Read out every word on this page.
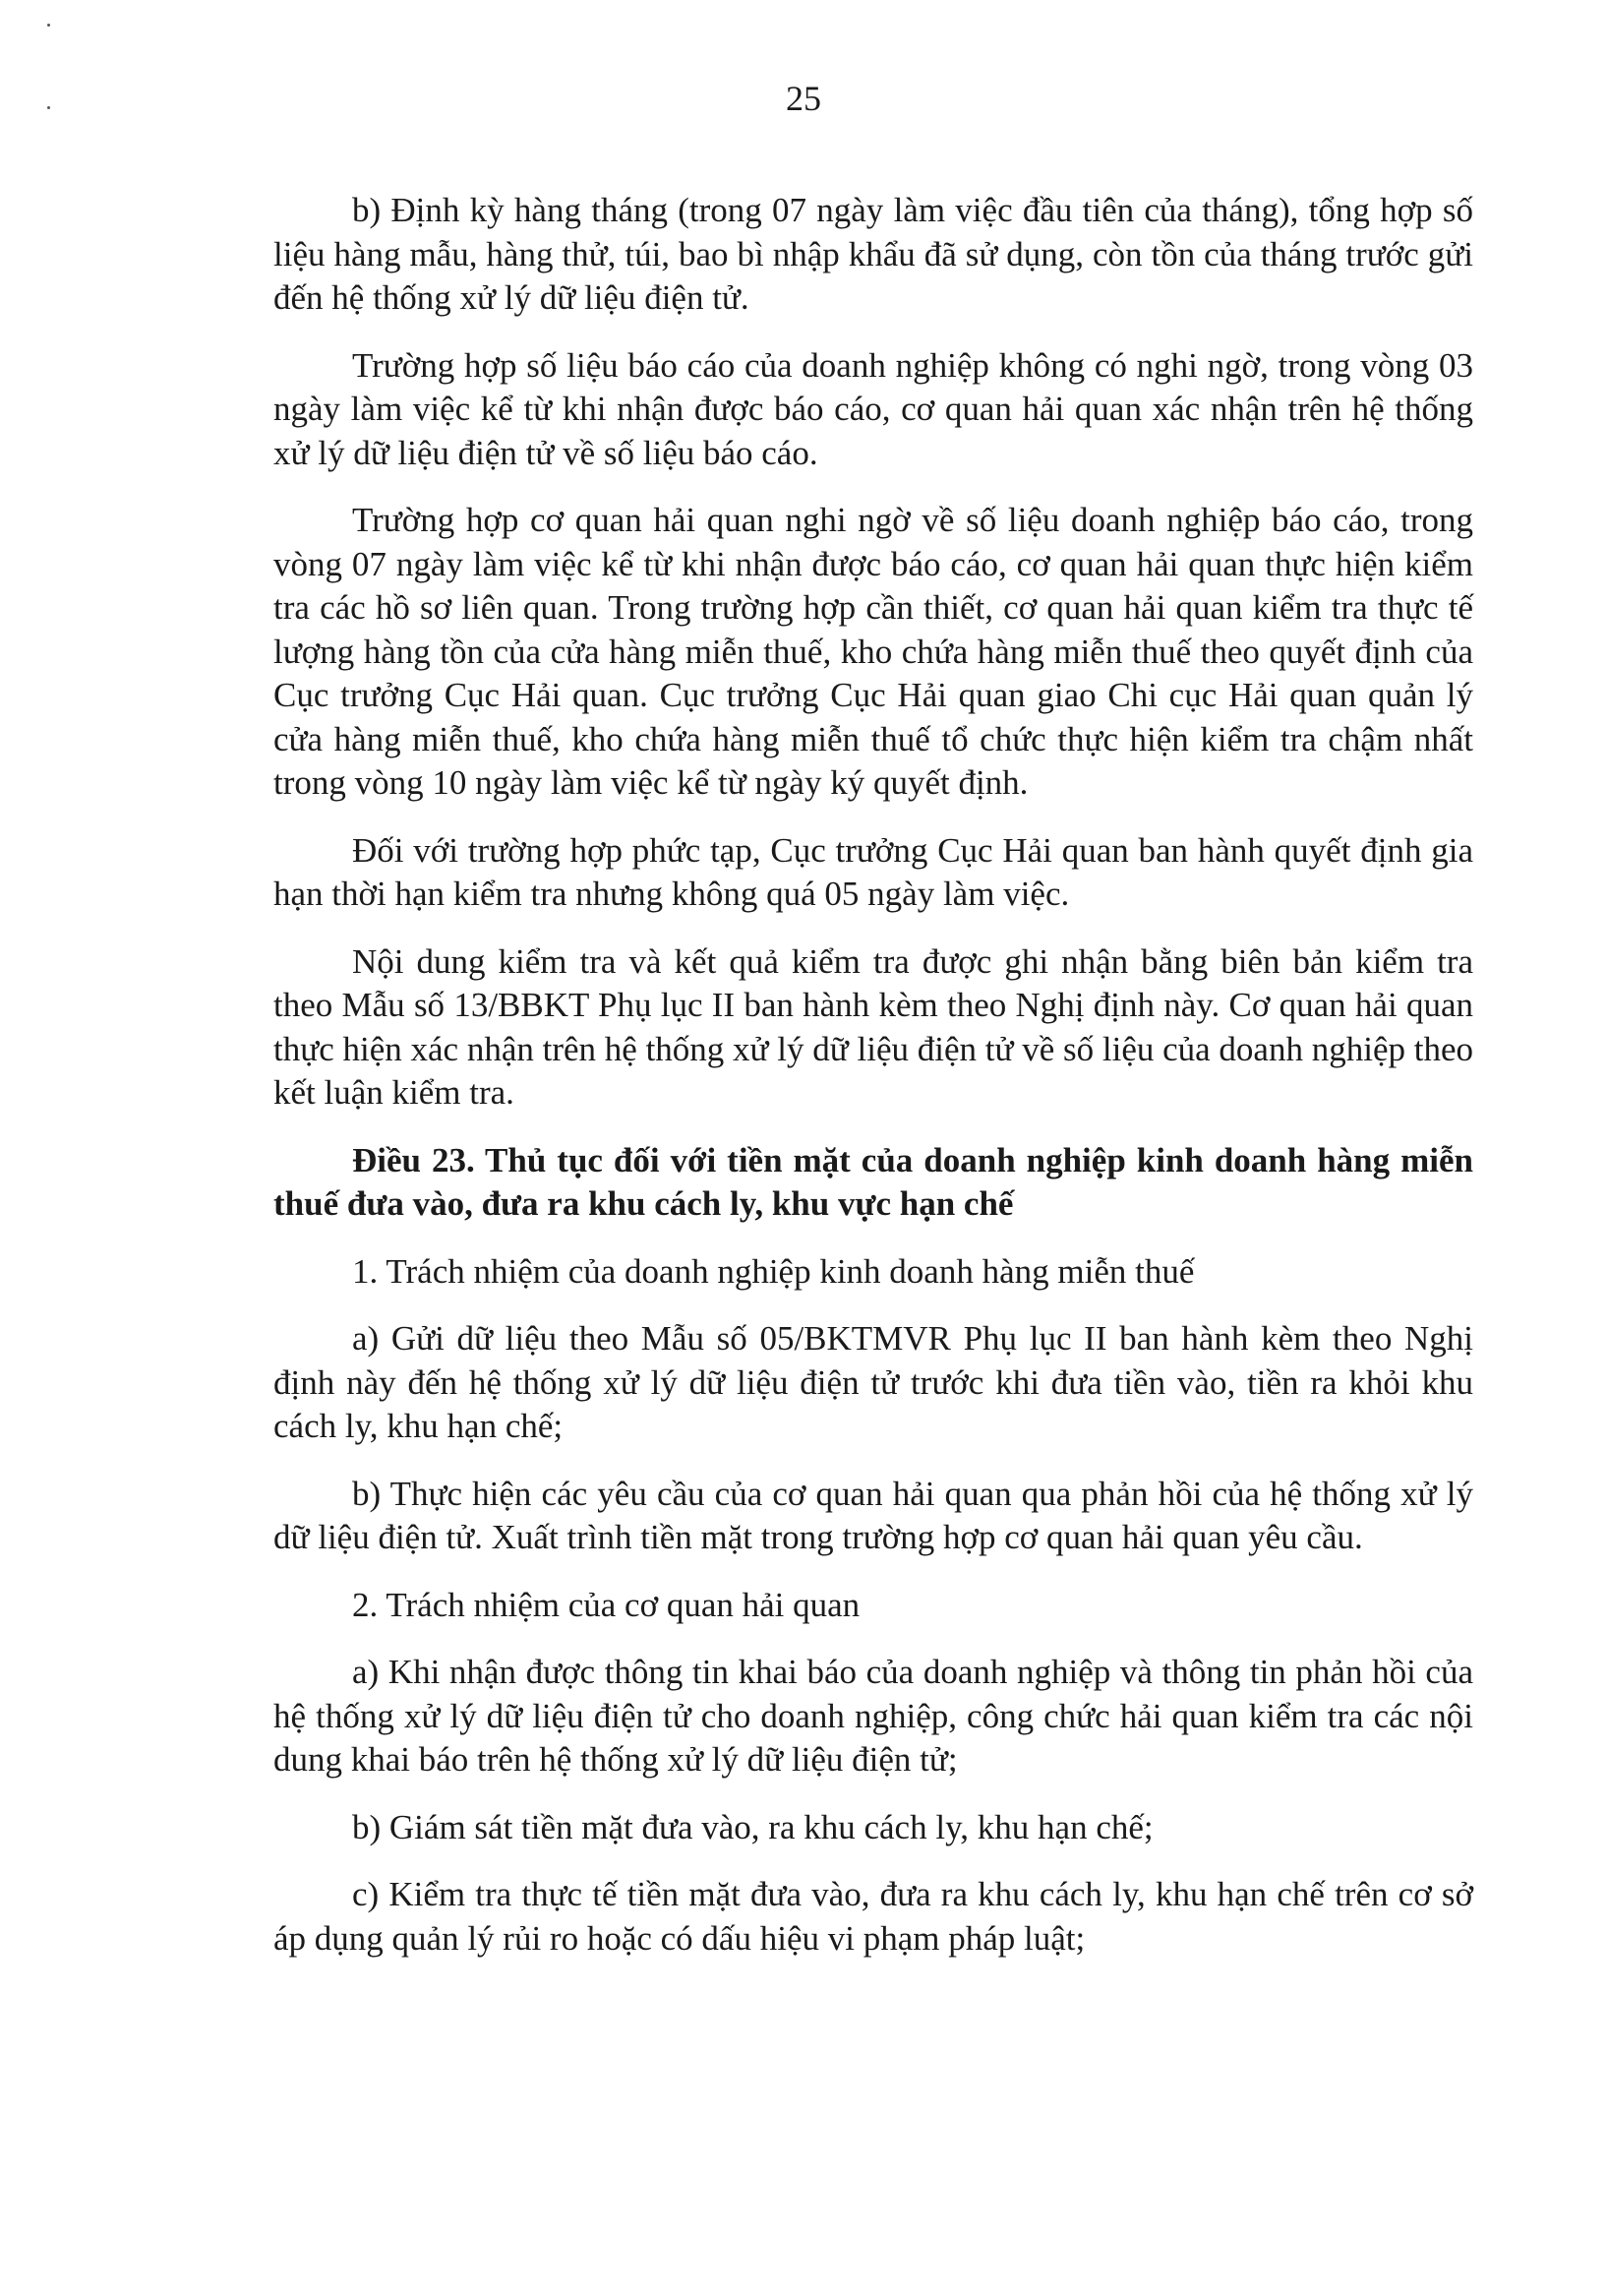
25

b) Định kỳ hàng tháng (trong 07 ngày làm việc đầu tiên của tháng), tổng hợp số liệu hàng mẫu, hàng thử, túi, bao bì nhập khẩu đã sử dụng, còn tồn của tháng trước gửi đến hệ thống xử lý dữ liệu điện tử.

Trường hợp số liệu báo cáo của doanh nghiệp không có nghi ngờ, trong vòng 03 ngày làm việc kể từ khi nhận được báo cáo, cơ quan hải quan xác nhận trên hệ thống xử lý dữ liệu điện tử về số liệu báo cáo.

Trường hợp cơ quan hải quan nghi ngờ về số liệu doanh nghiệp báo cáo, trong vòng 07 ngày làm việc kể từ khi nhận được báo cáo, cơ quan hải quan thực hiện kiểm tra các hồ sơ liên quan. Trong trường hợp cần thiết, cơ quan hải quan kiểm tra thực tế lượng hàng tồn của cửa hàng miễn thuế, kho chứa hàng miễn thuế theo quyết định của Cục trưởng Cục Hải quan. Cục trưởng Cục Hải quan giao Chi cục Hải quan quản lý cửa hàng miễn thuế, kho chứa hàng miễn thuế tổ chức thực hiện kiểm tra chậm nhất trong vòng 10 ngày làm việc kể từ ngày ký quyết định.

Đối với trường hợp phức tạp, Cục trưởng Cục Hải quan ban hành quyết định gia hạn thời hạn kiểm tra nhưng không quá 05 ngày làm việc.

Nội dung kiểm tra và kết quả kiểm tra được ghi nhận bằng biên bản kiểm tra theo Mẫu số 13/BBKT Phụ lục II ban hành kèm theo Nghị định này. Cơ quan hải quan thực hiện xác nhận trên hệ thống xử lý dữ liệu điện tử về số liệu của doanh nghiệp theo kết luận kiểm tra.

Điều 23. Thủ tục đối với tiền mặt của doanh nghiệp kinh doanh hàng miễn thuế đưa vào, đưa ra khu cách ly, khu vực hạn chế

1. Trách nhiệm của doanh nghiệp kinh doanh hàng miễn thuế

a) Gửi dữ liệu theo Mẫu số 05/BKTMVR Phụ lục II ban hành kèm theo Nghị định này đến hệ thống xử lý dữ liệu điện tử trước khi đưa tiền vào, tiền ra khỏi khu cách ly, khu hạn chế;

b) Thực hiện các yêu cầu của cơ quan hải quan qua phản hồi của hệ thống xử lý dữ liệu điện tử. Xuất trình tiền mặt trong trường hợp cơ quan hải quan yêu cầu.

2. Trách nhiệm của cơ quan hải quan

a) Khi nhận được thông tin khai báo của doanh nghiệp và thông tin phản hồi của hệ thống xử lý dữ liệu điện tử cho doanh nghiệp, công chức hải quan kiểm tra các nội dung khai báo trên hệ thống xử lý dữ liệu điện tử;

b) Giám sát tiền mặt đưa vào, ra khu cách ly, khu hạn chế;

c) Kiểm tra thực tế tiền mặt đưa vào, đưa ra khu cách ly, khu hạn chế trên cơ sở áp dụng quản lý rủi ro hoặc có dấu hiệu vi phạm pháp luật;
